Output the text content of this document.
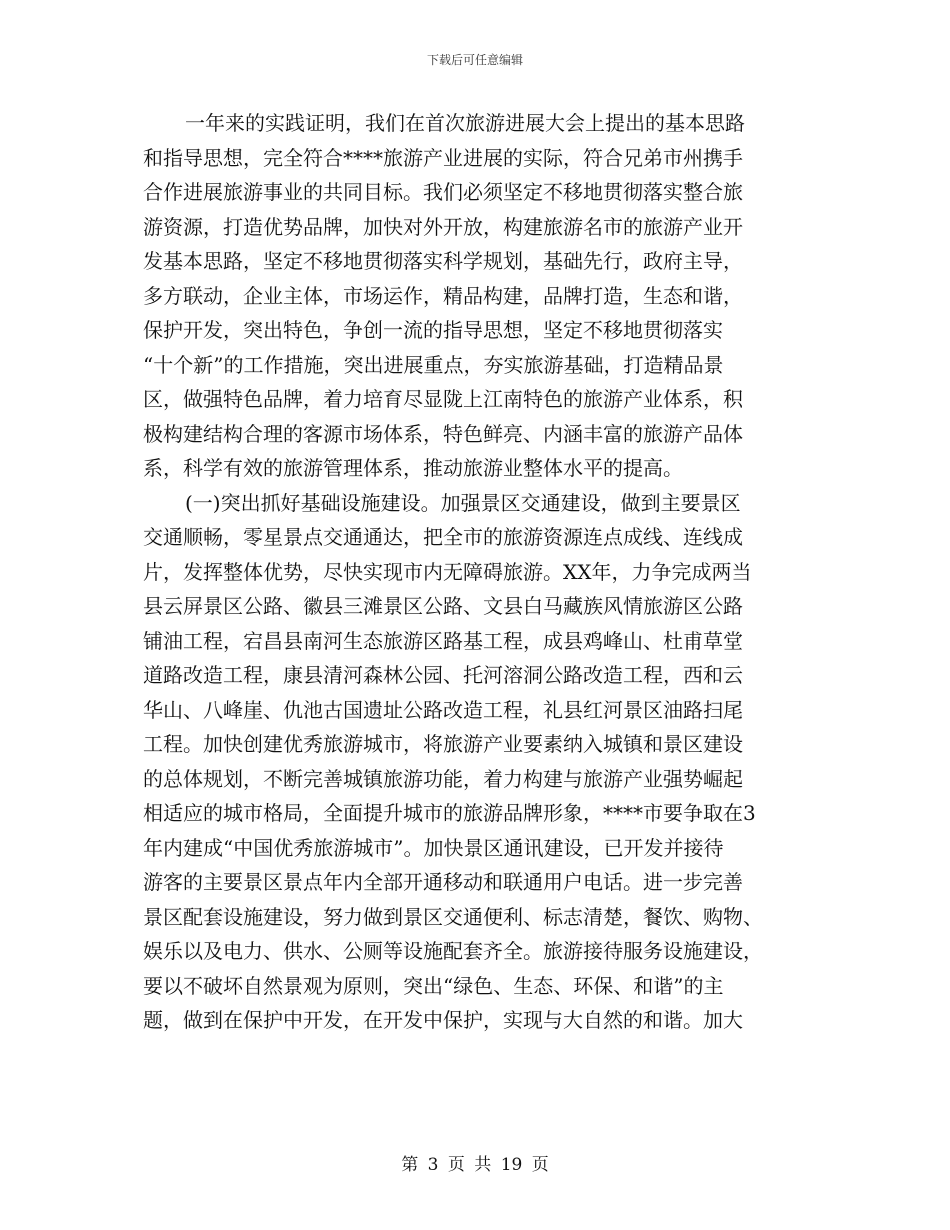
下载后可任意编辑
一年来的实践证明，我们在首次旅游进展大会上提出的基本思路
和指导思想，完全符合****旅游产业进展的实际，符合兄弟市州携手
合作进展旅游事业的共同目标。我们必须坚定不移地贯彻落实整合旅
游资源，打造优势品牌，加快对外开放，构建旅游名市的旅游产业开
发基本思路，坚定不移地贯彻落实科学规划，基础先行，政府主导，
多方联动，企业主体，市场运作，精品构建，品牌打造，生态和谐，
保护开发，突出特色，争创一流的指导思想，坚定不移地贯彻落实
“十个新”的工作措施，突出进展重点，夯实旅游基础，打造精品景
区，做强特色品牌，着力培育尽显陇上江南特色的旅游产业体系，积
极构建结构合理的客源市场体系，特色鲜亮、内涵丰富的旅游产品体
系，科学有效的旅游管理体系，推动旅游业整体水平的提高。
(一)突出抓好基础设施建设。加强景区交通建设，做到主要景区
交通顺畅，零星景点交通通达，把全市的旅游资源连点成线、连线成
片，发挥整体优势，尽快实现市内无障碍旅游。XX年，力争完成两当
县云屏景区公路、徽县三滩景区公路、文县白马藏族风情旅游区公路
铺油工程，宕昌县南河生态旅游区路基工程，成县鸡峰山、杜甫草堂
道路改造工程，康县清河森林公园、托河溶洞公路改造工程，西和云
华山、八峰崖、仇池古国遗址公路改造工程，礼县红河景区油路扫尾
工程。加快创建优秀旅游城市，将旅游产业要素纳入城镇和景区建设
的总体规划，不断完善城镇旅游功能，着力构建与旅游产业强势崛起
相适应的城市格局，全面提升城市的旅游品牌形象，****市要争取在3
年内建成“中国优秀旅游城市”。加快景区通讯建设，已开发并接待
游客的主要景区景点年内全部开通移动和联通用户电话。进一步完善
景区配套设施建设，努力做到景区交通便利、标志清楚，餐饮、购物、
娱乐以及电力、供水、公厕等设施配套齐全。旅游接待服务设施建设，
要以不破坏自然景观为原则，突出“绿色、生态、环保、和谐”的主
题，做到在保护中开发，在开发中保护，实现与大自然的和谐。加大
第 3 页 共 19 页
